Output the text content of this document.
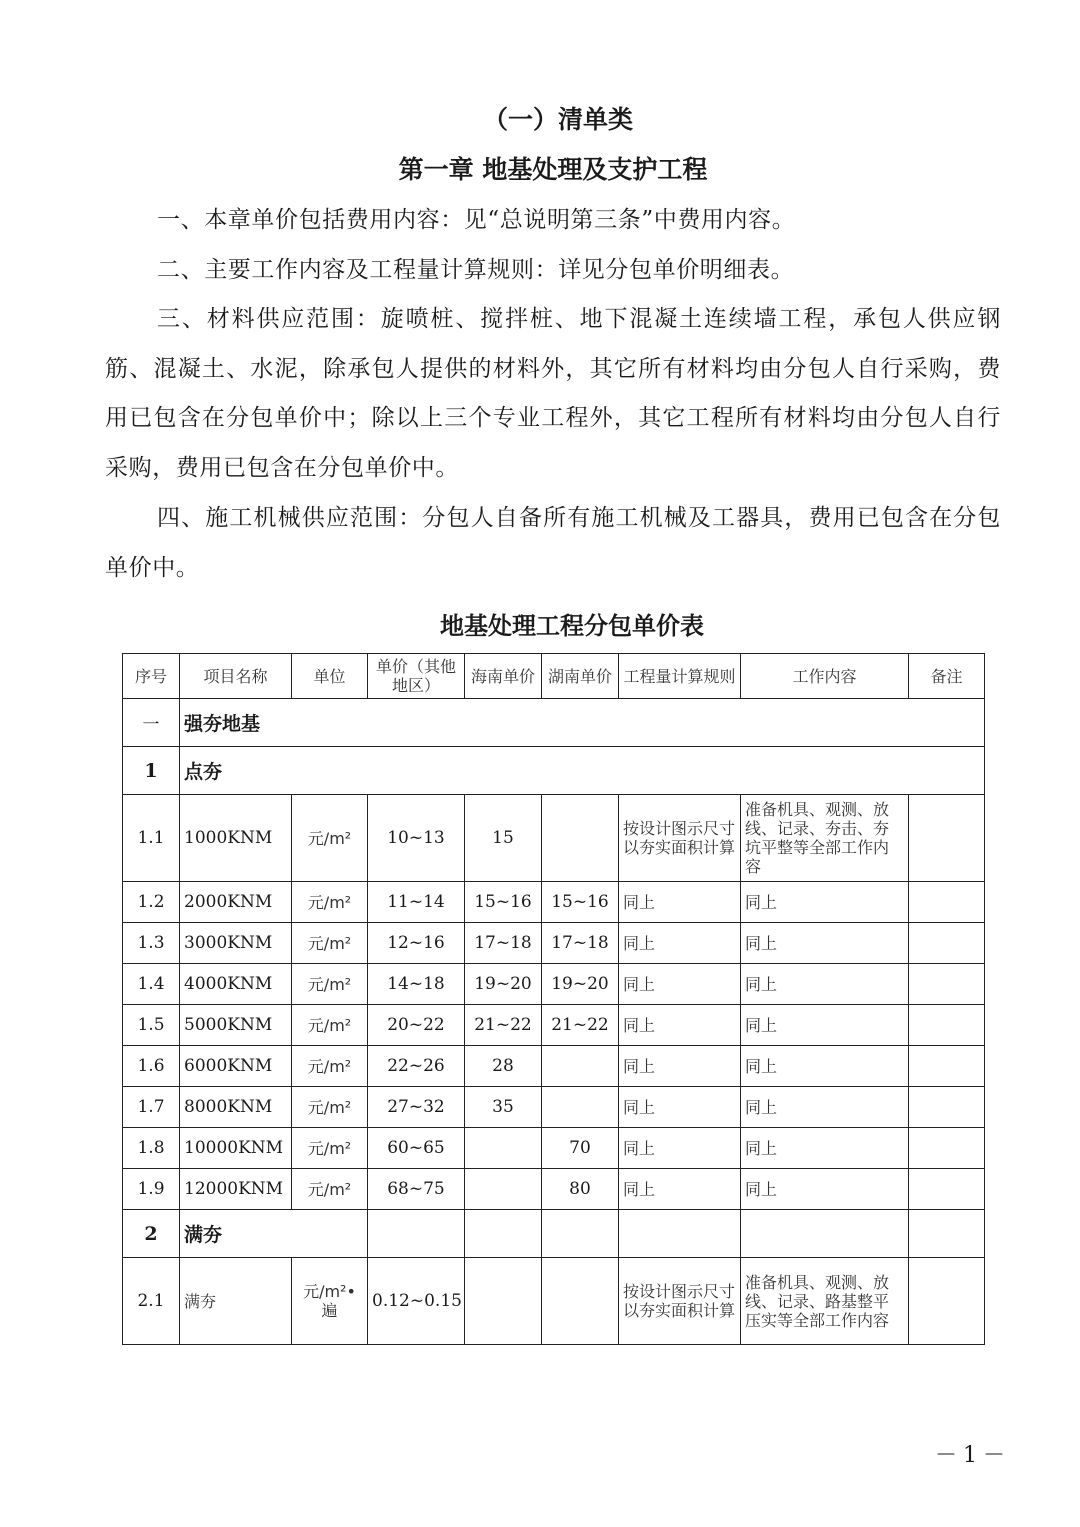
（一）清单类
第一章 地基处理及支护工程

一、本章单价包括费用内容：见“总说明第三条”中费用内容。

二、主要工作内容及工程量计算规则：详见分包单价明细表。

三、材料供应范围：旋喷桩、搅拌桩、地下混凝土连续墙工程，承包人供应钢筋、混凝土、水泥，除承包人提供的材料外，其它所有材料均由分包人自行采购，费用已包含在分包单价中；除以上三个专业工程外，其它工程所有材料均由分包人自行采购，费用已包含在分包单价中。

四、施工机械供应范围：分包人自备所有施工机械及工器具，费用已包含在分包单价中。

地基处理工程分包单价表
序号	项目名称	单位	单价（其他地区）	海南单价	湖南单价	工程量计算规则	工作内容	备注
一	强夯地基							
1	点夯							
1.1	1000KNM	元/m²	10~13	15		按设计图示尺寸以夯实面积计算	准备机具、观测、放线、记录、夯击、夯坑平整等全部工作内容	
1.2	2000KNM	元/m²	11~14	15~16	15~16	同上	同上	
1.3	3000KNM	元/m²	12~16	17~18	17~18	同上	同上	
1.4	4000KNM	元/m²	14~18	19~20	19~20	同上	同上	
1.5	5000KNM	元/m²	20~22	21~22	21~22	同上	同上	
1.6	6000KNM	元/m²	22~26	28		同上	同上	
1.7	8000KNM	元/m²	27~32	35		同上	同上	
1.8	10000KNM	元/m²	60~65		70	同上	同上	
1.9	12000KNM	元/m²	68~75		80	同上	同上	
2	满夯							
2.1	满夯	元/m²•遍	0.12~0.15			按设计图示尺寸以夯实面积计算	准备机具、观测、放线、记录、路基整平压实等全部工作内容	
－1－
